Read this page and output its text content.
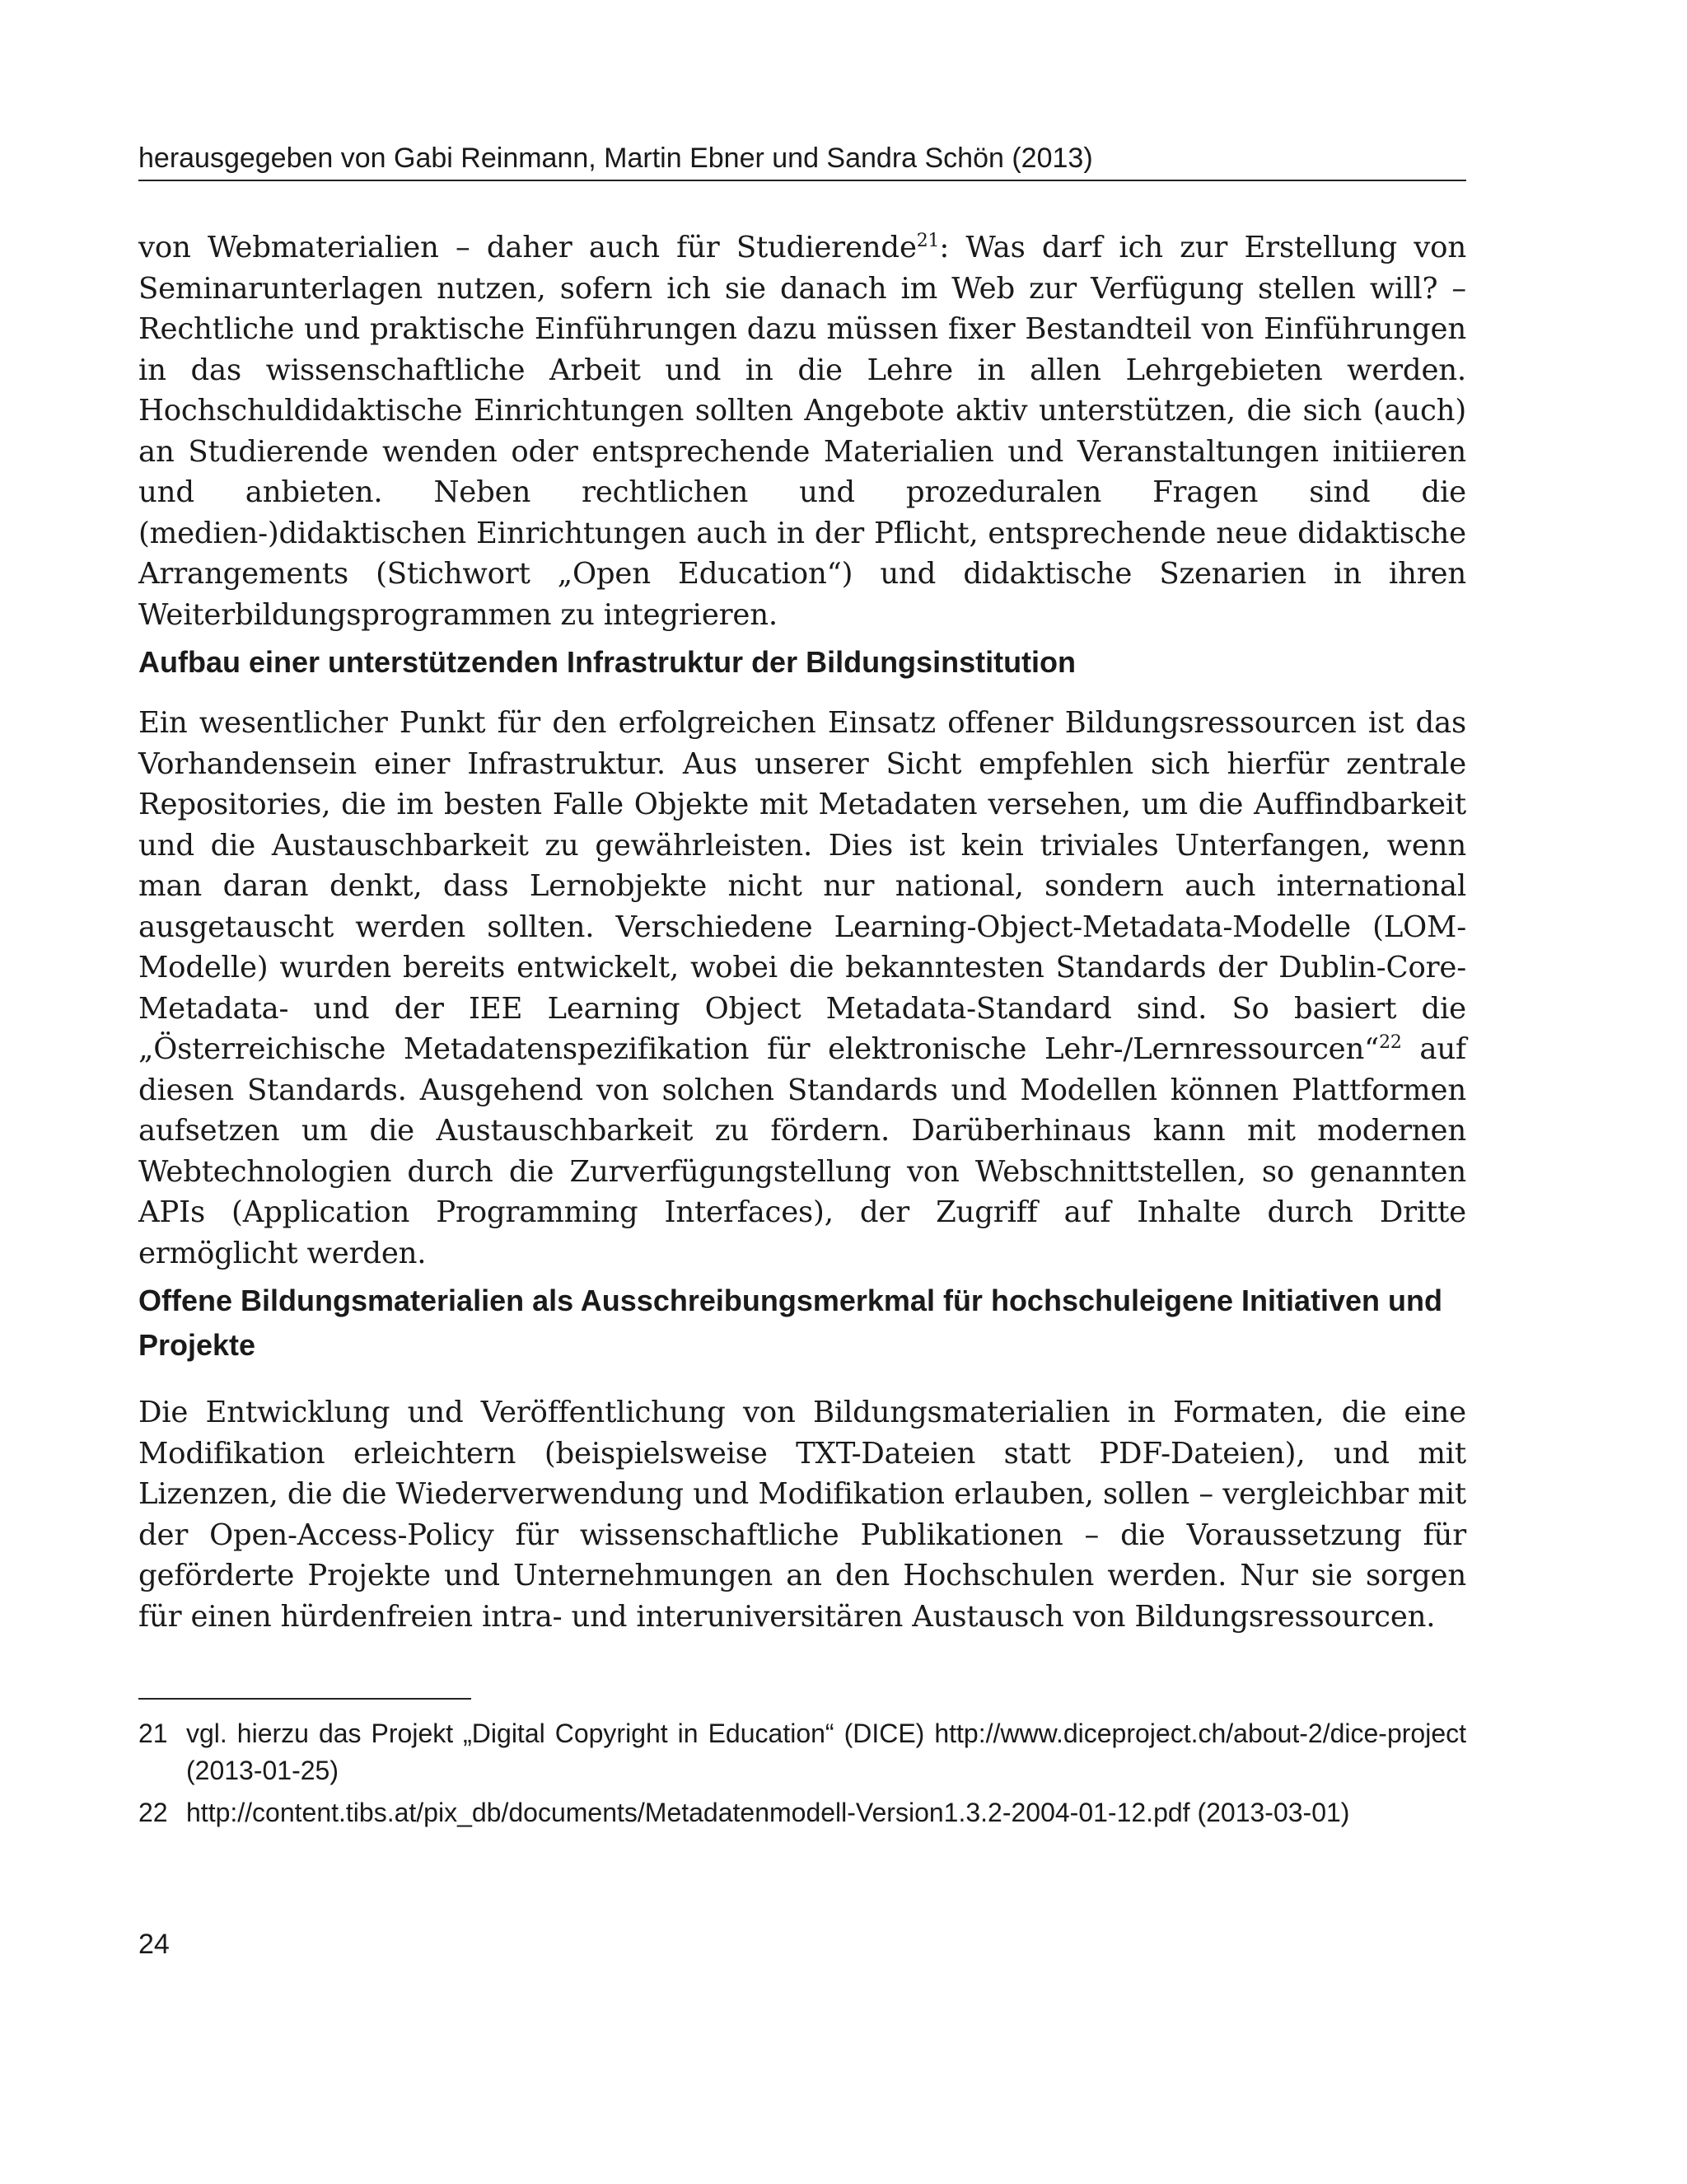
herausgegeben von Gabi Reinmann, Martin Ebner und Sandra Schön (2013)

von Webmaterialien – daher auch für Studierende$^{21}$: Was darf ich zur Erstellung von Seminarunterlagen nutzen, sofern ich sie danach im Web zur Verfügung stellen will? – Rechtliche und praktische Einführungen dazu müssen fixer Bestandteil von Einführungen in das wissenschaftliche Arbeit und in die Lehre in allen Lehrgebieten werden. Hochschuldidaktische Einrichtungen sollten Angebote aktiv unterstützen, die sich (auch) an Studierende wenden oder entsprechende Materialien und Veranstaltungen initiieren und anbieten. Neben rechtlichen und prozeduralen Fragen sind die (medien-)didaktischen Einrichtungen auch in der Pflicht, entsprechende neue didaktische Arrangements (Stichwort „Open Education“) und didaktische Szenarien in ihren Weiterbildungsprogrammen zu integrieren.

Aufbau einer unterstützenden Infrastruktur der Bildungsinstitution

Ein wesentlicher Punkt für den erfolgreichen Einsatz offener Bildungsressourcen ist das Vorhandensein einer Infrastruktur. Aus unserer Sicht empfehlen sich hierfür zentrale Repositories, die im besten Falle Objekte mit Metadaten versehen, um die Auffindbarkeit und die Austauschbarkeit zu gewährleisten. Dies ist kein triviales Unterfangen, wenn man daran denkt, dass Lernobjekte nicht nur national, sondern auch international ausgetauscht werden sollten. Verschiedene Learning-Object-Metadata-Modelle (LOM-Modelle) wurden bereits entwickelt, wobei die bekanntesten Standards der Dublin-Core-Metadata- und der IEE Learning Object Metadata-Standard sind. So basiert die „Österreichische Metadatenspezifikation für elektronische Lehr-/Lernressourcen“$^{22}$ auf diesen Standards. Ausgehend von solchen Standards und Modellen können Plattformen aufsetzen um die Austauschbarkeit zu fördern. Darüberhinaus kann mit modernen Webtechnologien durch die Zurverfügungstellung von Webschnittstellen, so genannten APIs (Application Programming Interfaces), der Zugriff auf Inhalte durch Dritte ermöglicht werden.

Offene Bildungsmaterialien als Ausschreibungsmerkmal für hochschuleigene Initiativen und Projekte

Die Entwicklung und Veröffentlichung von Bildungsmaterialien in Formaten, die eine Modifikation erleichtern (beispielsweise TXT-Dateien statt PDF-Dateien), und mit Lizenzen, die die Wiederverwendung und Modifikation erlauben, sollen – vergleichbar mit der Open-Access-Policy für wissenschaftliche Publikationen – die Voraussetzung für geförderte Projekte und Unternehmungen an den Hochschulen werden. Nur sie sorgen für einen hürdenfreien intra- und interuniversitären Austausch von Bildungsressourcen.

21 vgl. hierzu das Projekt „Digital Copyright in Education“ (DICE) http://www.diceproject.ch/about-2/dice-project (2013-01-25)
22 http://content.tibs.at/pix_db/documents/Metadatenmodell-Version1.3.2-2004-01-12.pdf (2013-03-01)
24
